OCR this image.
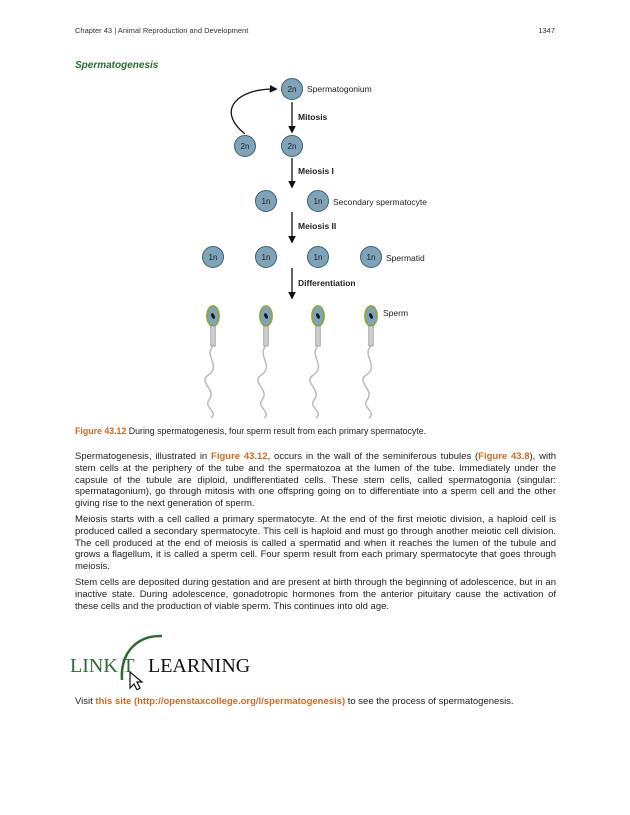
Chapter 43 | Animal Reproduction and Development	1347
Spermatogenesis
Mitosis
Meiosis I
Meiosis II
Differentiation
2n Spermatogonium
2n	2n
1n	1n Secondary spermatocyte
1n	1n	1n	1n Spermatid
Sperm
Figure 43.12 During spermatogenesis, four sperm result from each primary spermatocyte.

Spermatogenesis, illustrated in Figure 43.12, occurs in the wall of the seminiferous tubules (Figure 43.8), with stem cells at the periphery of the tube and the spermatozoa at the lumen of the tube. Immediately under the capsule of the tubule are diploid, undifferentiated cells. These stem cells, called spermatogonia (singular: spermatagonium), go through mitosis with one offspring going on to differentiate into a sperm cell and the other giving rise to the next generation of sperm.

Meiosis starts with a cell called a primary spermatocyte. At the end of the first meiotic division, a haploid cell is produced called a secondary spermatocyte. This cell is haploid and must go through another meiotic cell division. The cell produced at the end of meiosis is called a spermatid and when it reaches the lumen of the tubule and grows a flagellum, it is called a sperm cell. Four sperm result from each primary spermatocyte that goes through meiosis.

Stem cells are deposited during gestation and are present at birth through the beginning of adolescence, but in an inactive state. During adolescence, gonadotropic hormones from the anterior pituitary cause the activation of these cells and the production of viable sperm. This continues into old age.

LINK T LEARNING
Visit this site (http://openstaxcollege.org/l/spermatogenesis) to see the process of spermatogenesis.
